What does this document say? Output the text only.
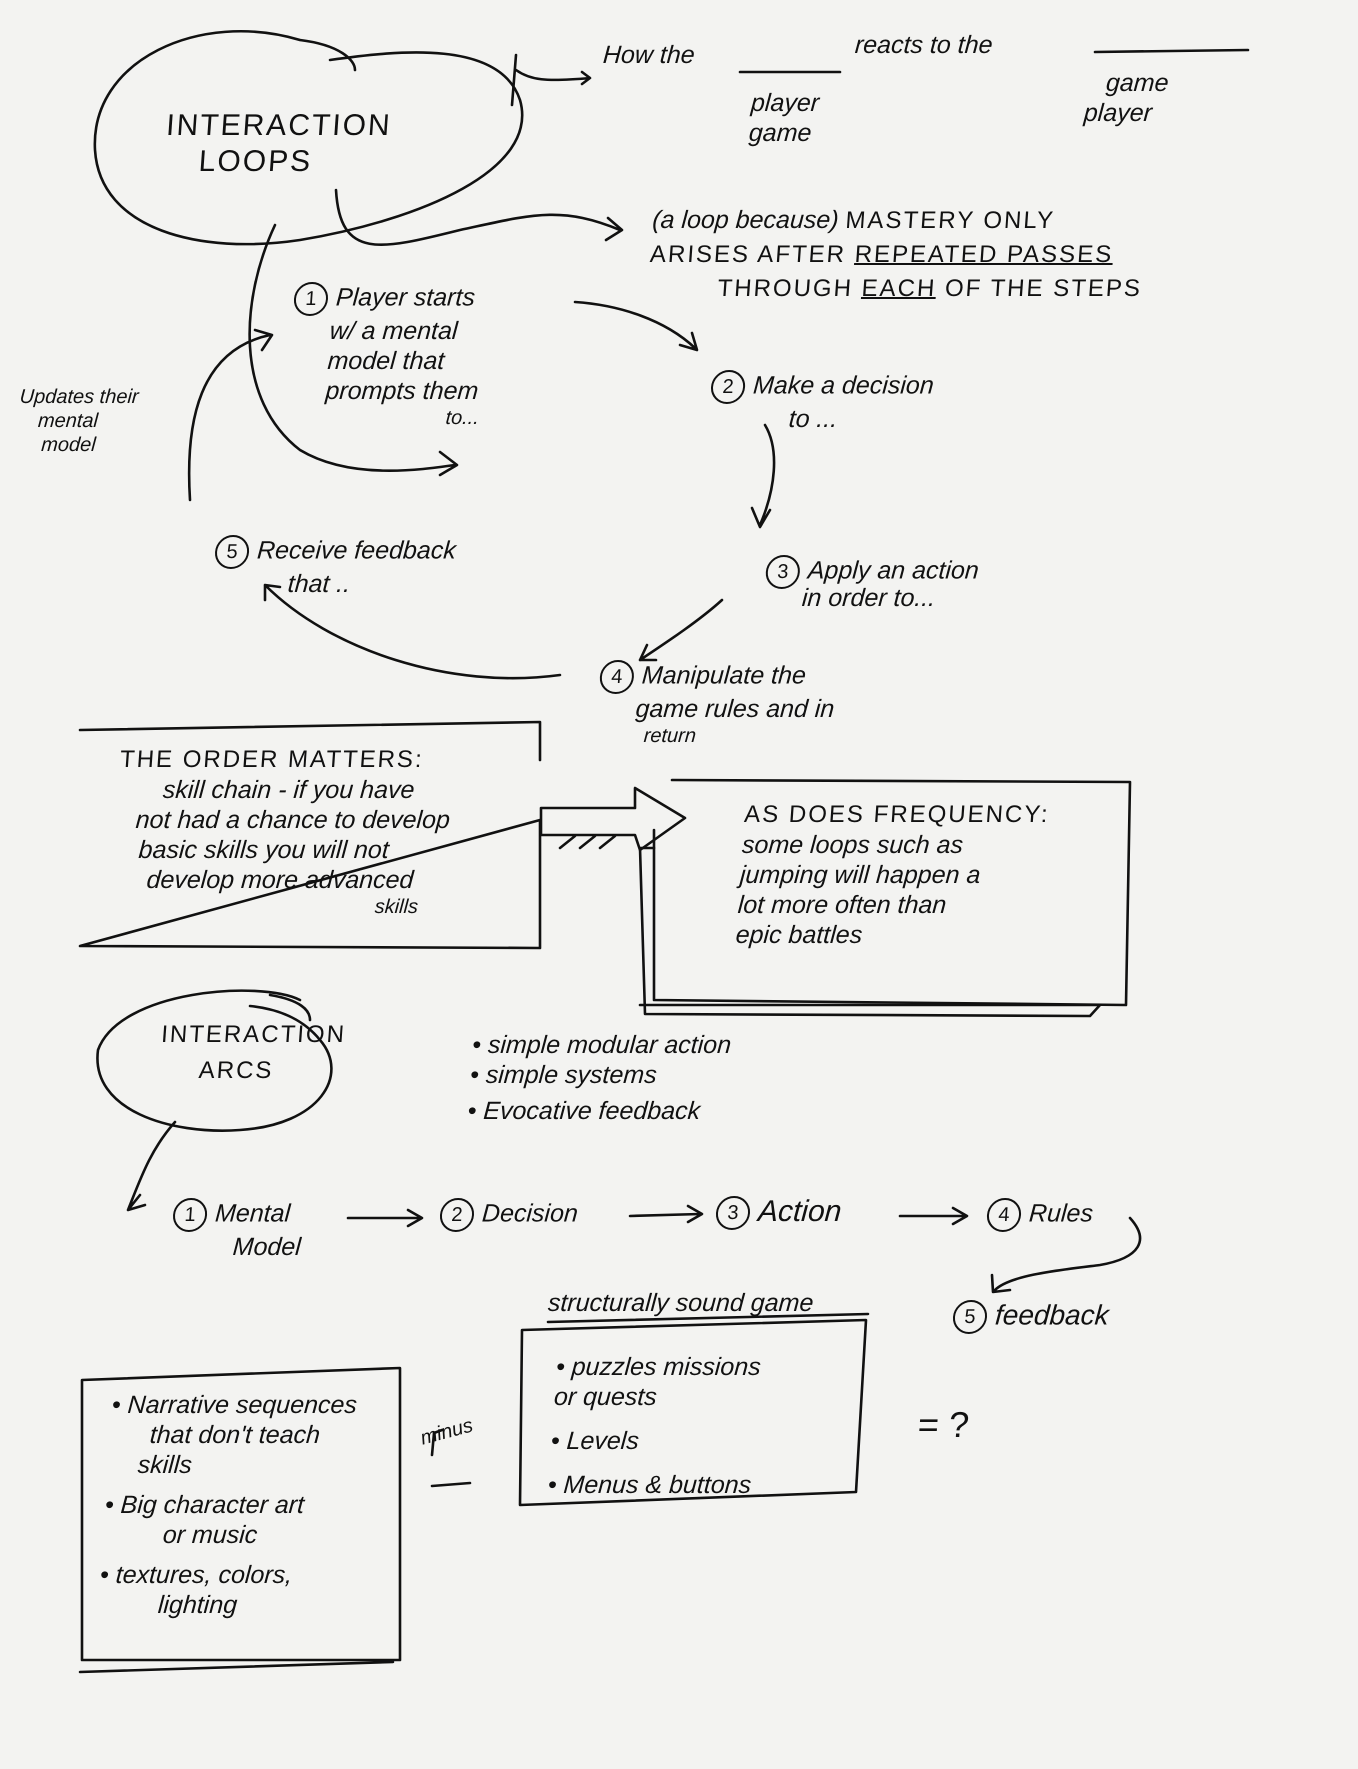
INTERACTION
LOOPS
How the	reacts to the
player
game
game
player
(a loop because) MASTERY ONLY
ARISES AFTER REPEATED PASSES
THROUGH EACH OF THE STEPS
1 Player starts
w/ a mental
model that
prompts them
to...
2 Make a decision
to ...
3 Apply an action
in order to...
4 Manipulate the
game rules and in
return
5 Receive feedback
that ..
Updates their
mental
model
THE ORDER MATTERS:
skill chain - if you have
not had a chance to develop
basic skills you will not
develop more advanced
skills
AS DOES FREQUENCY:
some loops such as
jumping will happen a
lot more often than
epic battles
INTERACTION
ARCS
• simple modular action
• simple systems
• Evocative feedback
1 Mental
Model
2 Decision	3 Action	4 Rules
5 feedback
• Narrative sequences
that don't teach
skills
• Big character art
or music
• textures, colors,
lighting
minus
structurally sound game
• puzzles missions
or quests
• Levels
• Menus & buttons
= ?
